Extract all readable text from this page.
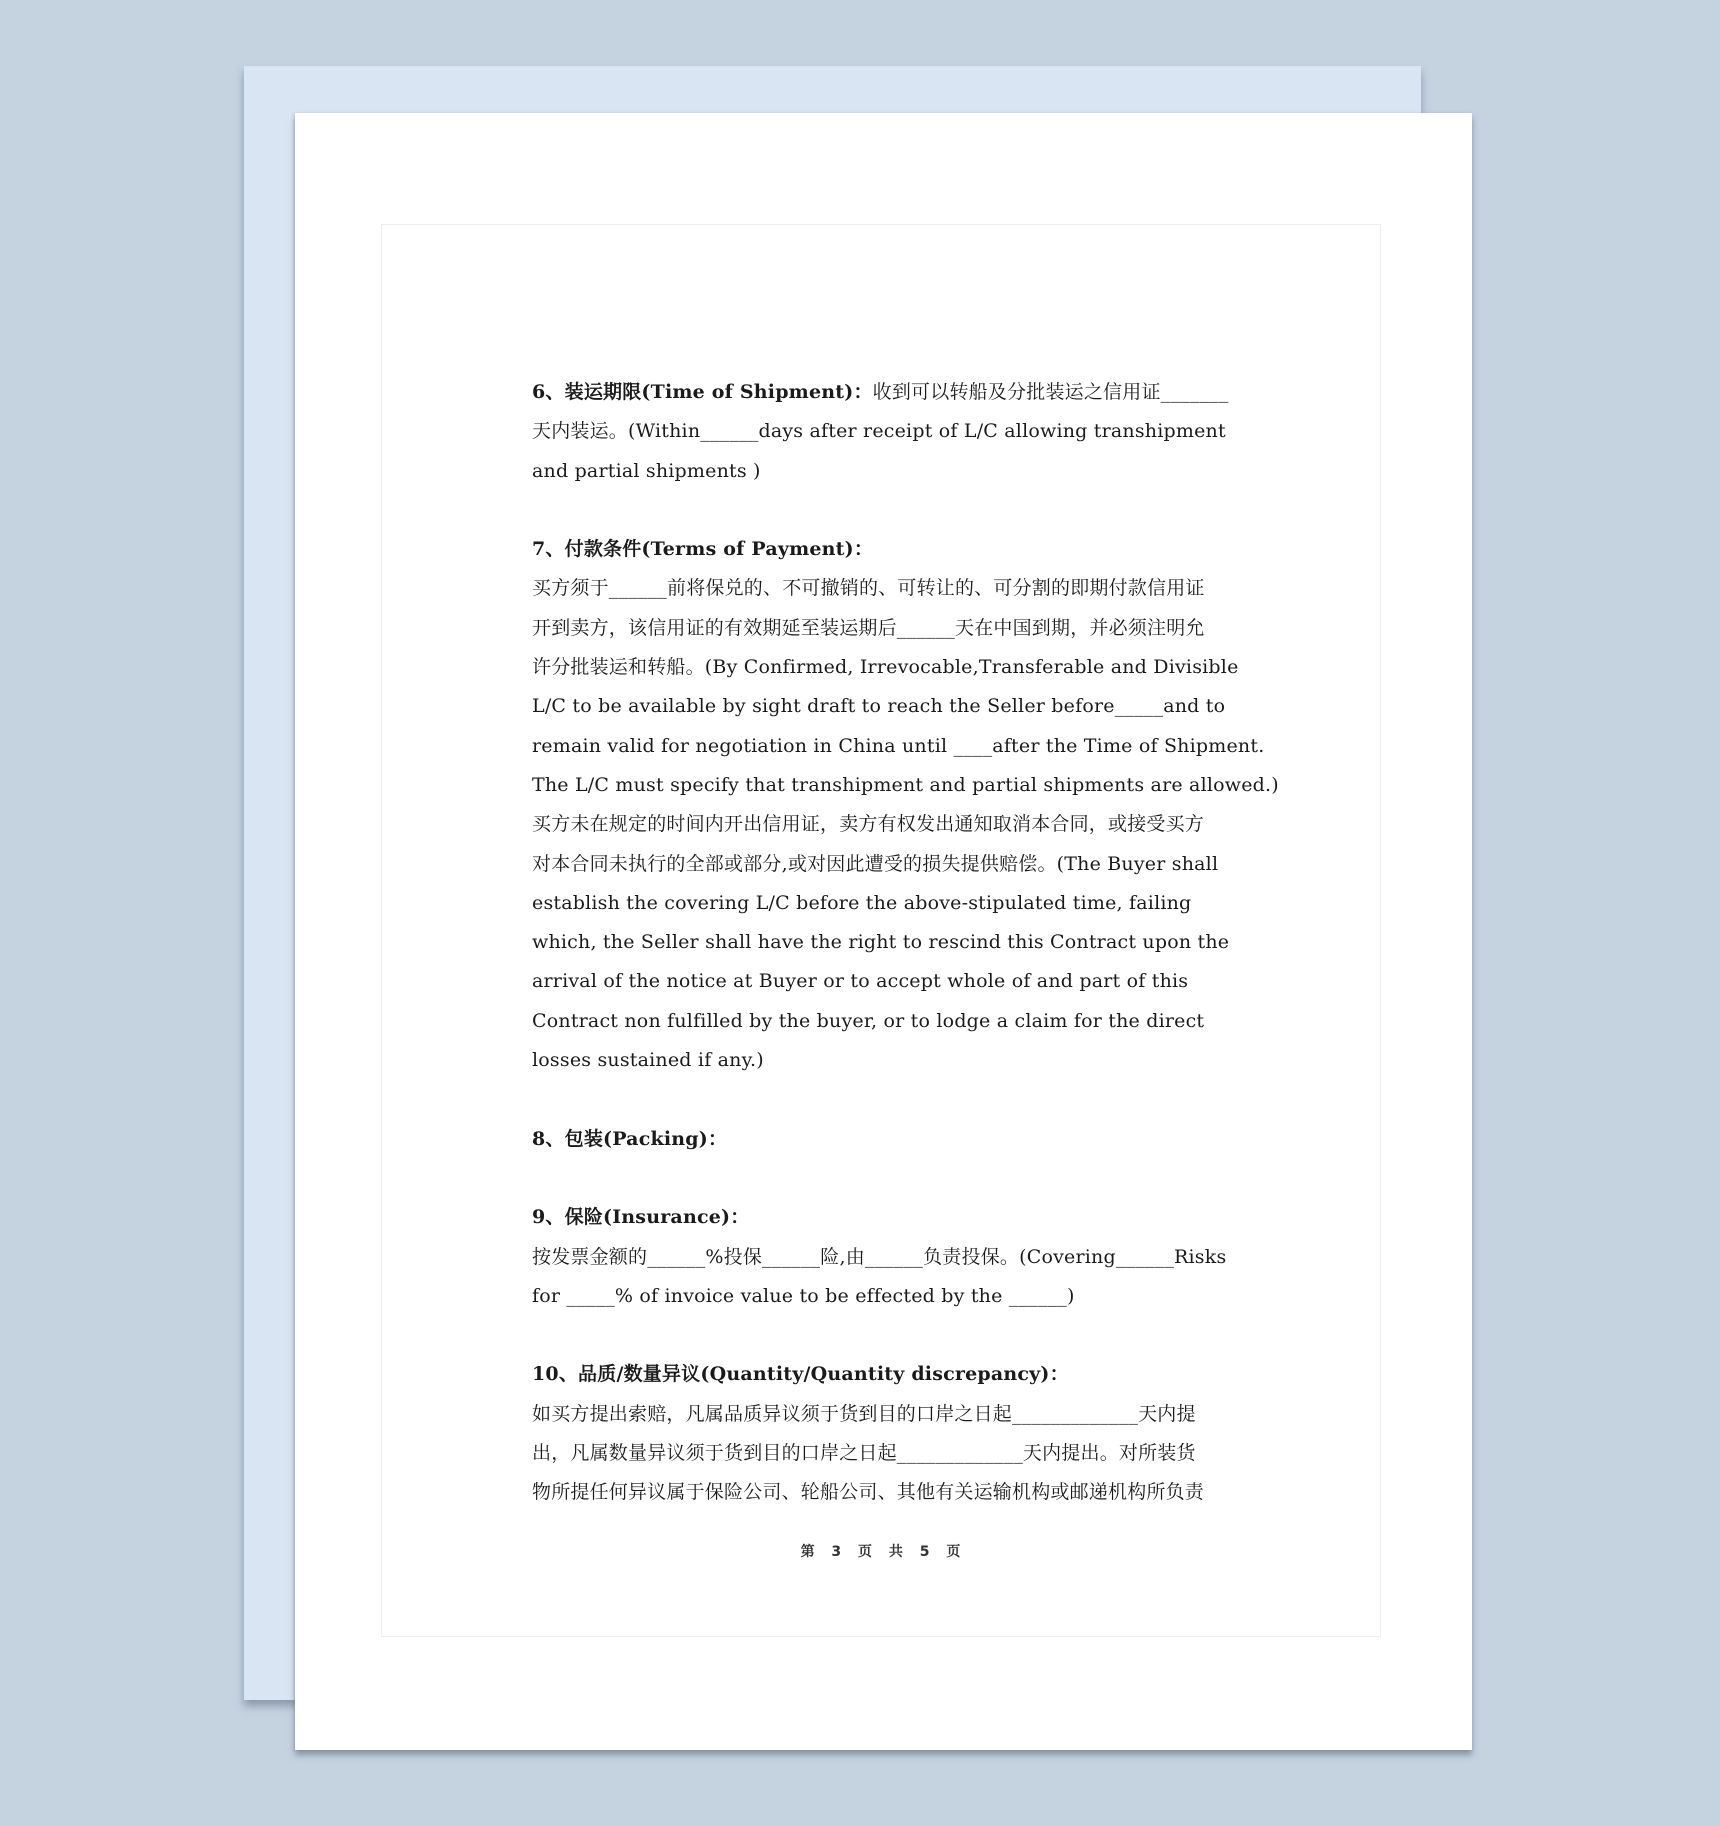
6、装运期限(Time of Shipment)：收到可以转船及分批装运之信用证_______
天内装运。(Within______days after receipt of L/C allowing transhipment
and partial shipments )
7、付款条件(Terms of Payment)：
买方须于______前将保兑的、不可撤销的、可转让的、可分割的即期付款信用证
开到卖方，该信用证的有效期延至装运期后______天在中国到期，并必须注明允
许分批装运和转船。(By Confirmed, Irrevocable,Transferable and Divisible
L/C to be available by sight draft to reach the Seller before_____and to
remain valid for negotiation in China until ____after the Time of Shipment.
The L/C must specify that transhipment and partial shipments are allowed.)
买方未在规定的时间内开出信用证，卖方有权发出通知取消本合同，或接受买方
对本合同未执行的全部或部分,或对因此遭受的损失提供赔偿。(The Buyer shall
establish the covering L/C before the above-stipulated time, failing
which, the Seller shall have the right to rescind this Contract upon the
arrival of the notice at Buyer or to accept whole of and part of this
Contract non fulfilled by the buyer, or to lodge a claim for the direct
losses sustained if any.)
8、包装(Packing)：
9、保险(Insurance)：
按发票金额的______%投保______险,由______负责投保。(Covering______Risks
for _____% of invoice value to be effected by the ______)
10、品质/数量异议(Quantity/Quantity discrepancy)：
如买方提出索赔，凡属品质异议须于货到目的口岸之日起_____________天内提
出，凡属数量异议须于货到目的口岸之日起_____________天内提出。对所装货
物所提任何异议属于保险公司、轮船公司、其他有关运输机构或邮递机构所负责
第 3 页 共 5 页
